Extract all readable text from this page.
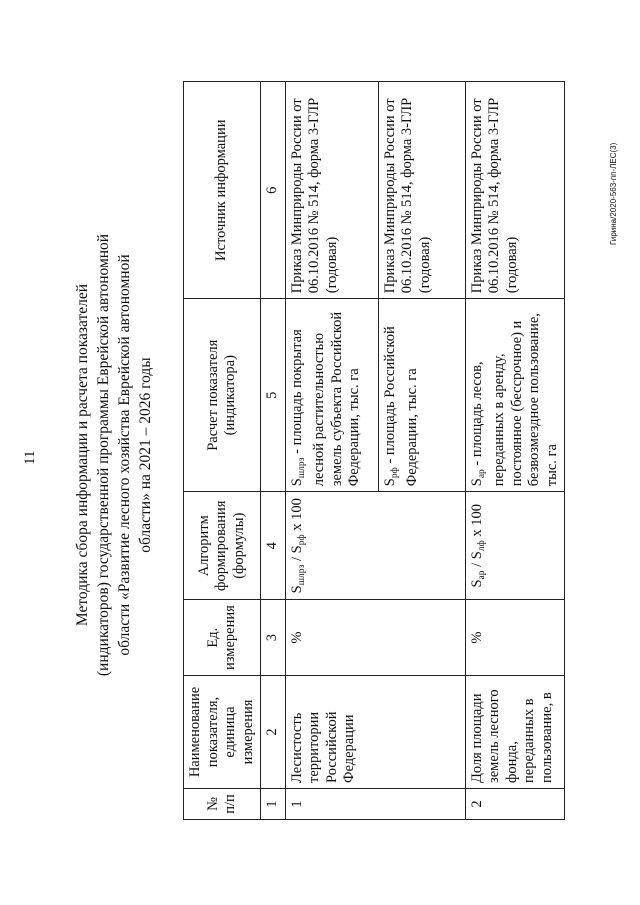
11 Методика сбора информации и расчета показателей (индикаторов) государственной программы Еврейской автономной области «Развитие лесного хозяйства Еврейской автономной области» на 2021 – 2026 годы
№ п/п	Наименование показателя, единица измерения	Ед. измерения	Алгоритм формирования (формулы)	Расчет показателя (индикатора)	Источник информации
1	2	3	4	5	6
1	Лесистость территории Российской Федерации	%	$S_{шлрз} / S_{рф}$ х 100	$S_{шлрз}$ - площадь покрытая лесной растительностью земель субъекта Российской Федерации, тыс. га	Приказ Минприроды России от 06.10.2016 № 514, форма 3-ГЛР (годовая)
				$S_{рф}$ - площадь Российской Федерации, тыс. га	Приказ Минприроды России от 06.10.2016 № 514, форма 3-ГЛР (годовая)
2	Доля площади земель лесного фонда, переданных в пользование, в	%	$S_{ар} / S_{лф}$ х 100	$S_{ар}$ - площадь лесов, переданных в аренду, постоянное (бессрочное) и безвозмездное пользование, тыс. га	Приказ Минприроды России от 06.10.2016 № 514, форма 3-ГЛР (годовая)
Гирина/2020-563-пп-ЛЕС(3)
